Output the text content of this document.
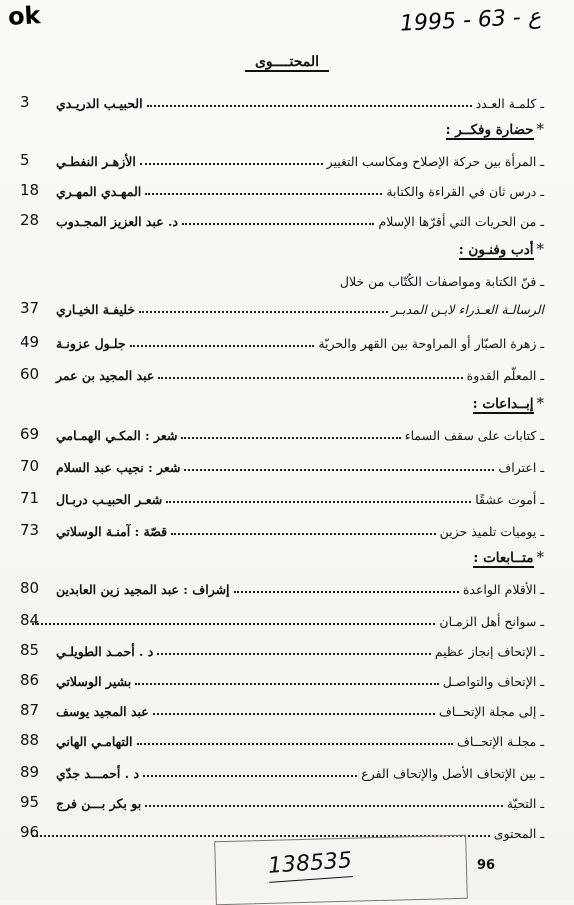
ok	1995 - 63 - ع
المحتــــوى
ـ كلمـة العـدد
الحبيـب الدريـدي
3
*حضارة وفكــر :
ـ المرأة بين حركة الإصلاح ومكاسب التغيير
الأزهـر النفطـي
5
ـ درس ثان في القراءة والكتابة
المهـدي المهـري
18
ـ من الحريات التي أقرّها الإسلام
د. عبد العزيز المجـدوب
28
*أدب وفنـون :
ـ فنّ الكتابة ومواصفات الكُتّاب من خلال
الرسالـة العـذراء لابـن المدبـر
خليفـة الخيـاري
37
ـ زهرة الصبّار أو المراوحة بين القهر والحريّة
جلـول عزونـة
49
ـ المعلّم القدوة
عبد المجيد بن عمر
60
*إبــداعات :
ـ كتابات على سقف السماء
شعر : المكـي الهمـامي
69
ـ اعتراف
شعر : نجيب عبد السلام
70
ـ أموت عشقًا
شعـر الحبيـب دربـال
71
ـ يوميات تلميذ حزين
قصّة : آمنـة الوسلاتي
73
*متــابعات :
ـ الأقلام الواعدة
إشراف : عبد المجيد زين العابدين
80
ـ سوانح أهل الزمـان
84
ـ الإتحاف إنجاز عظيم
د . أحمـد الطويلـي
85
ـ الإتحاف والتواصـل
بشير الوسلاتي
86
ـ إلى مجلة الإتحــاف
عبد المجيد يوسف
87
ـ مجلـة الإتحــاف
التهامـي الهاني
88
ـ بين الإتحاف الأصل والإتحاف الفرع
د . أحمـــد جدّي
89
ـ التحيّة
بو بكر بـــن فرج
95
ـ المحتوى
96
138535	96
